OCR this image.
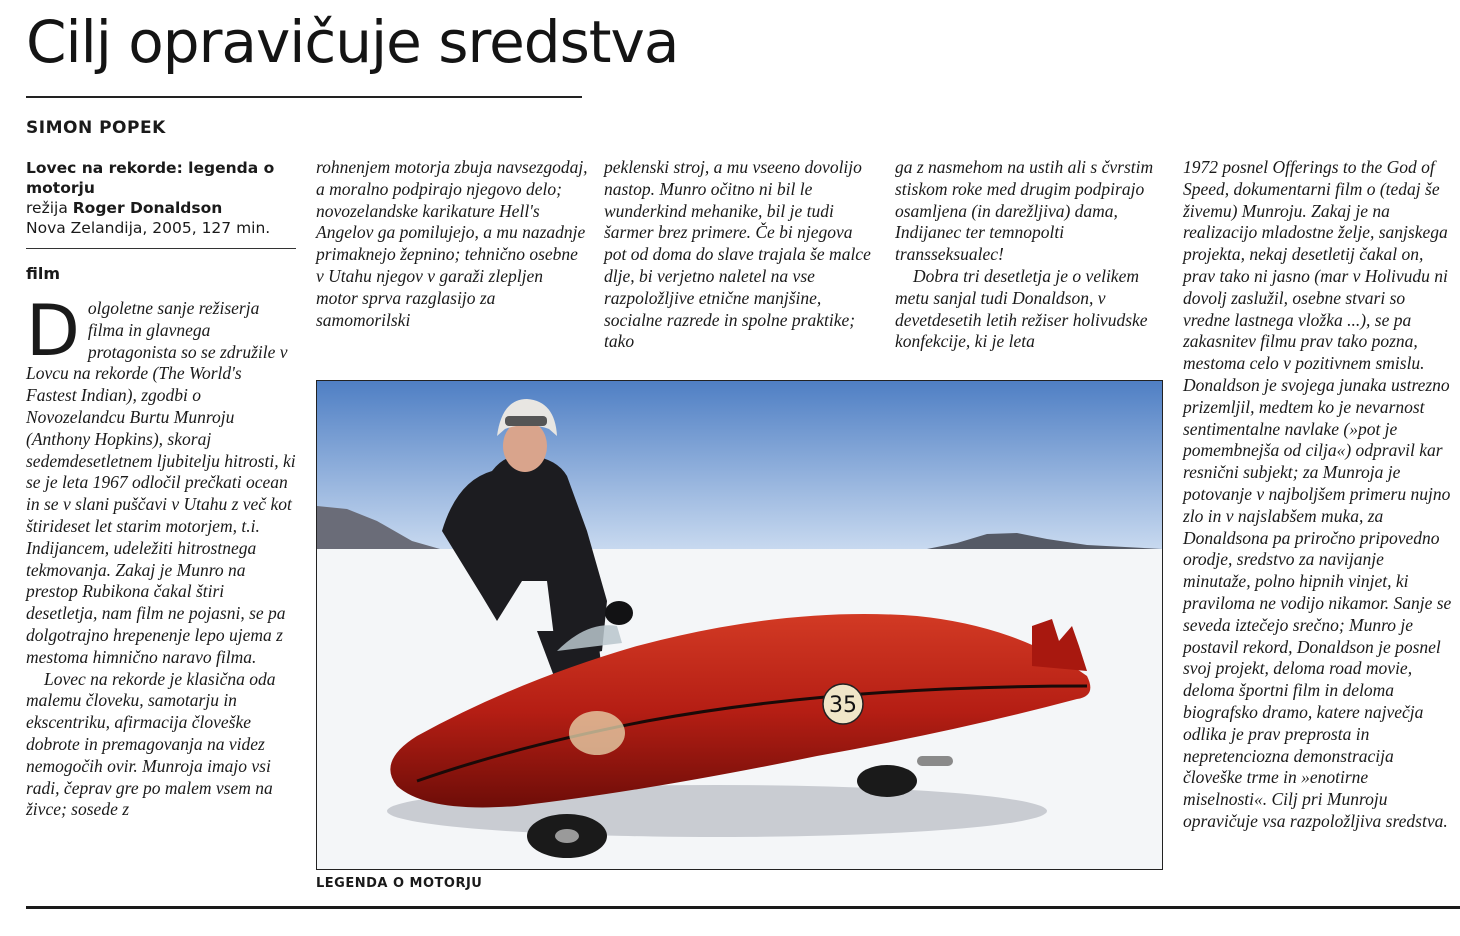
Cilj opravičuje sredstva
SIMON POPEK
Lovec na rekorde: legenda o motorju
režija Roger Donaldson
Nova Zelandija, 2005, 127 min.
film

Dolgoletne sanje režiserja filma in glavnega protagonista so se združile v Lovcu na rekorde (The World's Fastest Indian), zgodbi o Novozelandcu Burtu Munroju (Anthony Hopkins), skoraj sedemdesetletnem ljubitelju hitrosti, ki se je leta 1967 odločil prečkati ocean in se v slani puščavi v Utahu z več kot štirideset let starim motorjem, t.i. Indijancem, udeležiti hitrostnega tekmovanja. Zakaj je Munro na prestop Rubikona čakal štiri desetletja, nam film ne pojasni, se pa dolgotrajno hrepenenje lepo ujema z mestoma himnično naravo filma.

Lovec na rekorde je klasična oda malemu človeku, samotarju in ekscentriku, afirmacija človeške dobrote in premagovanja na videz nemogočih ovir. Munroja imajo vsi radi, čeprav gre po malem vsem na živce; sosede z

rohnenjem motorja zbuja navsezgodaj, a moralno podpirajo njegovo delo; novozelandske karikature Hell's Angelov ga pomilujejo, a mu nazadnje primaknejo žepnino; tehnično osebne v Utahu njegov v garaži zlepljen motor sprva razglasijo za samomorilski

peklenski stroj, a mu vseeno dovolijo nastop. Munro očitno ni bil le wunderkind mehanike, bil je tudi šarmer brez primere. Če bi njegova pot od doma do slave trajala še malce dlje, bi verjetno naletel na vse razpoložljive etnične manjšine, socialne razrede in spolne praktike; tako

ga z nasmehom na ustih ali s čvrstim stiskom roke med drugim podpirajo osamljena (in darežljiva) dama, Indijanec ter temnopolti transseksualec!

Dobra tri desetletja je o velikem metu sanjal tudi Donaldson, v devetdesetih letih režiser holivudske konfekcije, ki je leta

1972 posnel Offerings to the God of Speed, dokumentarni film o (tedaj še živemu) Munroju. Zakaj je na realizacijo mladostne želje, sanjskega projekta, nekaj desetletij čakal on, prav tako ni jasno (mar v Holivudu ni dovolj zaslužil, osebne stvari so vredne lastnega vložka ...), se pa zakasnitev filmu prav tako pozna, mestoma celo v pozitivnem smislu. Donaldson je svojega junaka ustrezno prizemljil, medtem ko je nevarnost sentimentalne navlake (»pot je pomembnejša od cilja«) odpravil kar resnični subjekt; za Munroja je potovanje v najboljšem primeru nujno zlo in v najslabšem muka, za Donaldsona pa priročno pripovedno orodje, sredstvo za navijanje minutaže, polno hipnih vinjet, ki praviloma ne vodijo nikamor. Sanje se seveda iztečejo srečno; Munro je postavil rekord, Donaldson je posnel svoj projekt, deloma road movie, deloma športni film in deloma biografsko dramo, katere največja odlika je prav preprosta in nepretenciozna demonstracija človeške trme in »enotirne miselnosti«. Cilj pri Munroju opravičuje vsa razpoložljiva sredstva.

35
LEGENDA O MOTORJU
